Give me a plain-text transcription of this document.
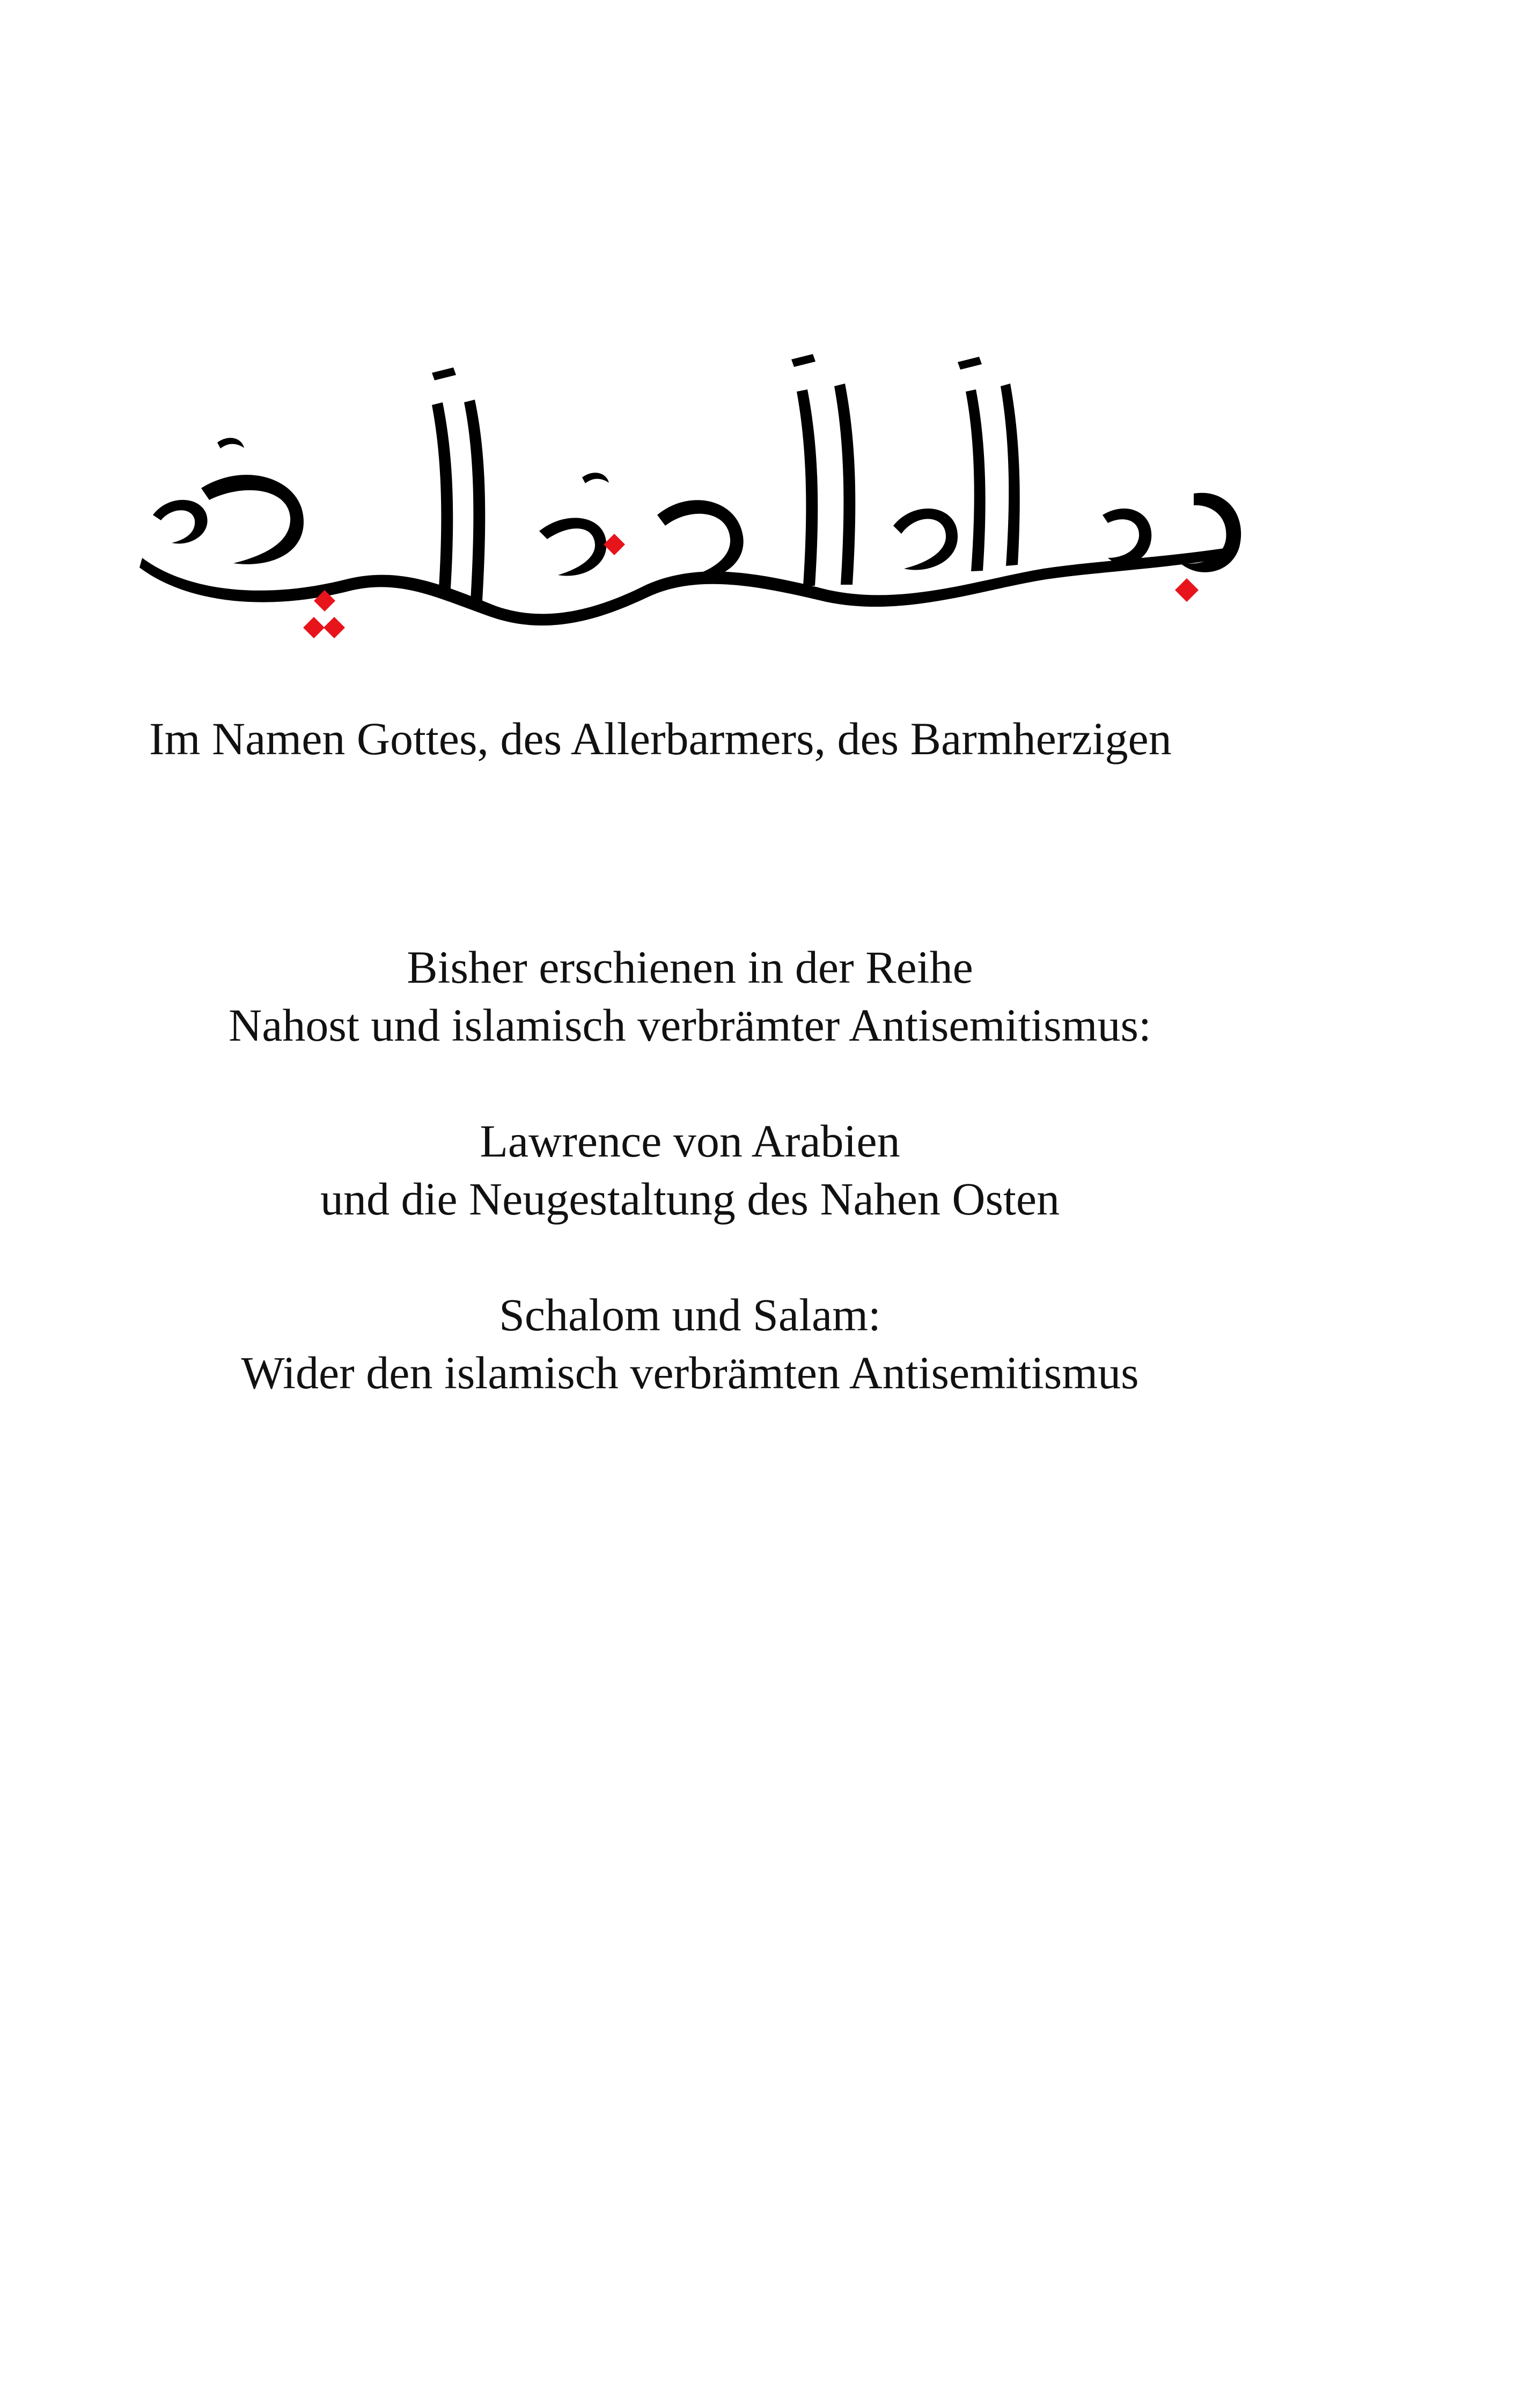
Im Namen Gottes, des Allerbarmers, des Barmherzigen

Bisher erschienen in der Reihe

Nahost und islamisch verbrämter Antisemitismus:

Lawrence von Arabien

und die Neugestaltung des Nahen Osten

Schalom und Salam:

Wider den islamisch verbrämten Antisemitismus
